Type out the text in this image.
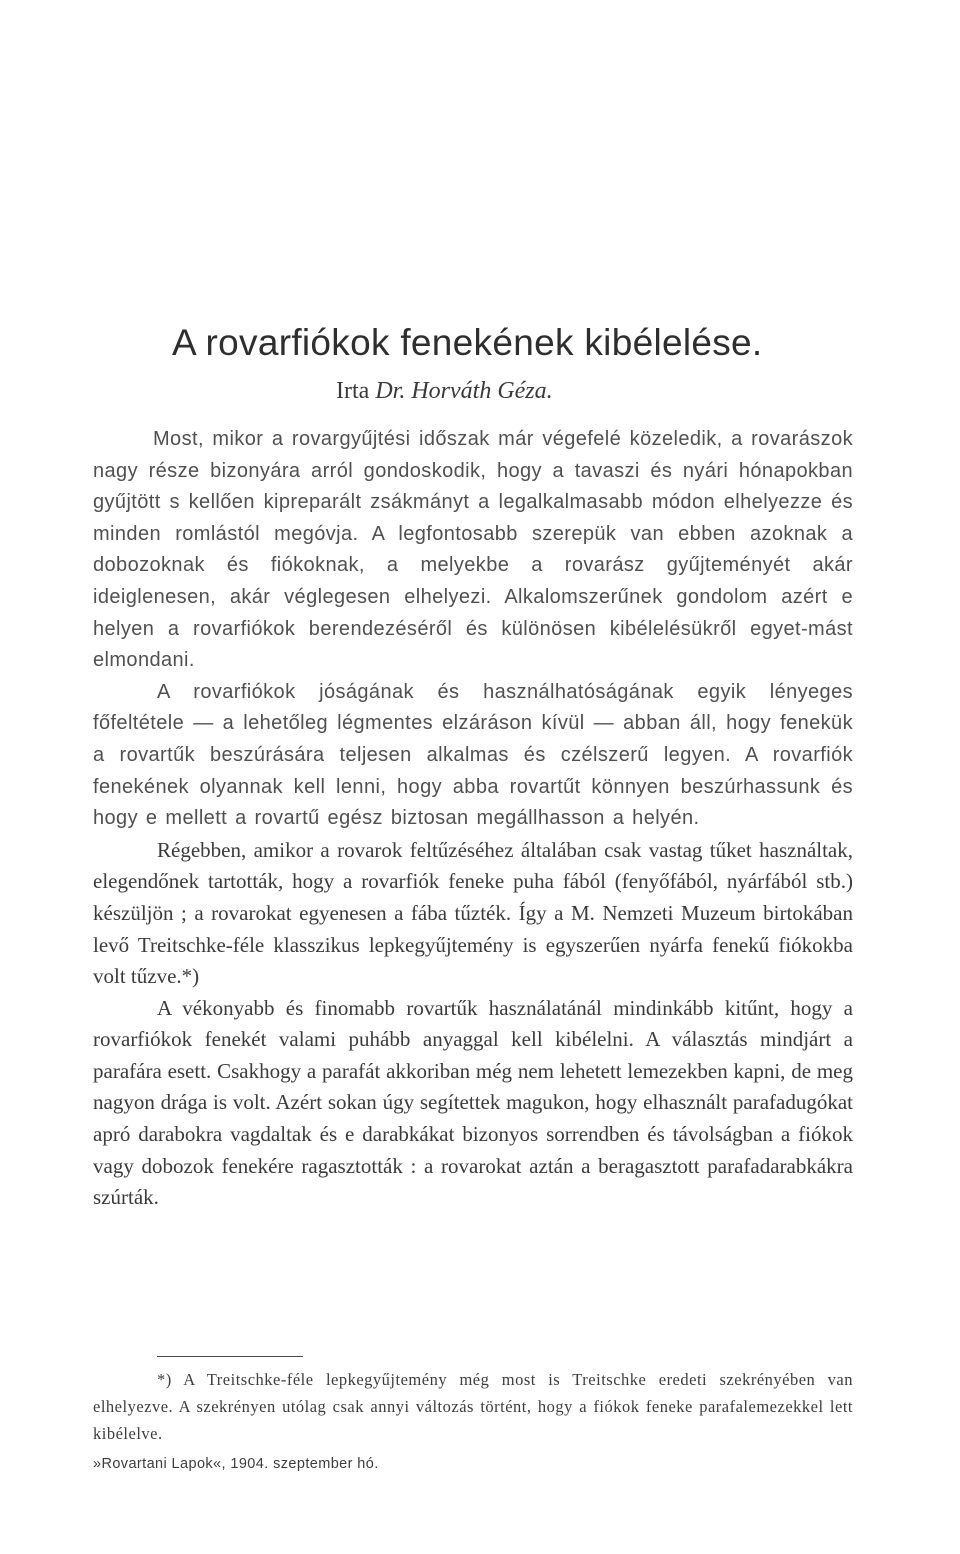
A rovarfiókok fenekének kibélelése.
Irta Dr. Horváth Géza.

Most, mikor a rovargyűjtési időszak már végefelé közeledik, a rovarászok nagy része bizonyára arról gondoskodik, hogy a tavaszi és nyári hónapokban gyűjtött s kellően kipreparált zsákmányt a legalkalmasabb módon elhelyezze és minden romlástól megóvja. A legfontosabb szerepük van ebben azoknak a dobozoknak és fiókoknak, a melyekbe a rovarász gyűjteményét akár ideiglenesen, akár véglegesen elhelyezi. Alkalomszerűnek gondolom azért e helyen a rovarfiókok berendezéséről és különösen kibélelésükről egyet-mást elmondani.

A rovarfiókok jóságának és használhatóságának egyik lényeges főfeltétele — a lehetőleg légmentes elzáráson kívül — abban áll, hogy fenekük a rovartűk beszúrására teljesen alkalmas és czélszerű legyen. A rovarfiók fenekének olyannak kell lenni, hogy abba rovartűt könnyen beszúrhassunk és hogy e mellett a rovartű egész biztosan megállhasson a helyén.

Régebben, amikor a rovarok feltűzéséhez általában csak vastag tűket használtak, elegendőnek tartották, hogy a rovarfiók feneke puha fából (fenyőfából, nyárfából stb.) készüljön ; a rovarokat egyenesen a fába tűzték. Így a M. Nemzeti Muzeum birtokában levő Treitschke-féle klasszikus lepkegyűjtemény is egyszerűen nyárfa fenekű fiókokba volt tűzve.*)

A vékonyabb és finomabb rovartűk használatánál mindinkább kitűnt, hogy a rovarfiókok fenekét valami puhább anyaggal kell kibélelni. A választás mindjárt a parafára esett. Csakhogy a parafát akkoriban még nem lehetett lemezekben kapni, de meg nagyon drága is volt. Azért sokan úgy segítettek magukon, hogy elhasznált parafadugókat apró darabokra vagdaltak és e darabkákat bizonyos sorrendben és távolságban a fiókok vagy dobozok fenekére ragasztották : a rovarokat aztán a beragasztott parafadarabkákra szúrták.

*) A Treitschke-féle lepkegyűjtemény még most is Treitschke eredeti szekrényében van elhelyezve. A szekrényen utólag csak annyi változás történt, hogy a fiókok feneke parafalemezekkel lett kibélelve.
»Rovartani Lapok«, 1904. szeptember hó.
